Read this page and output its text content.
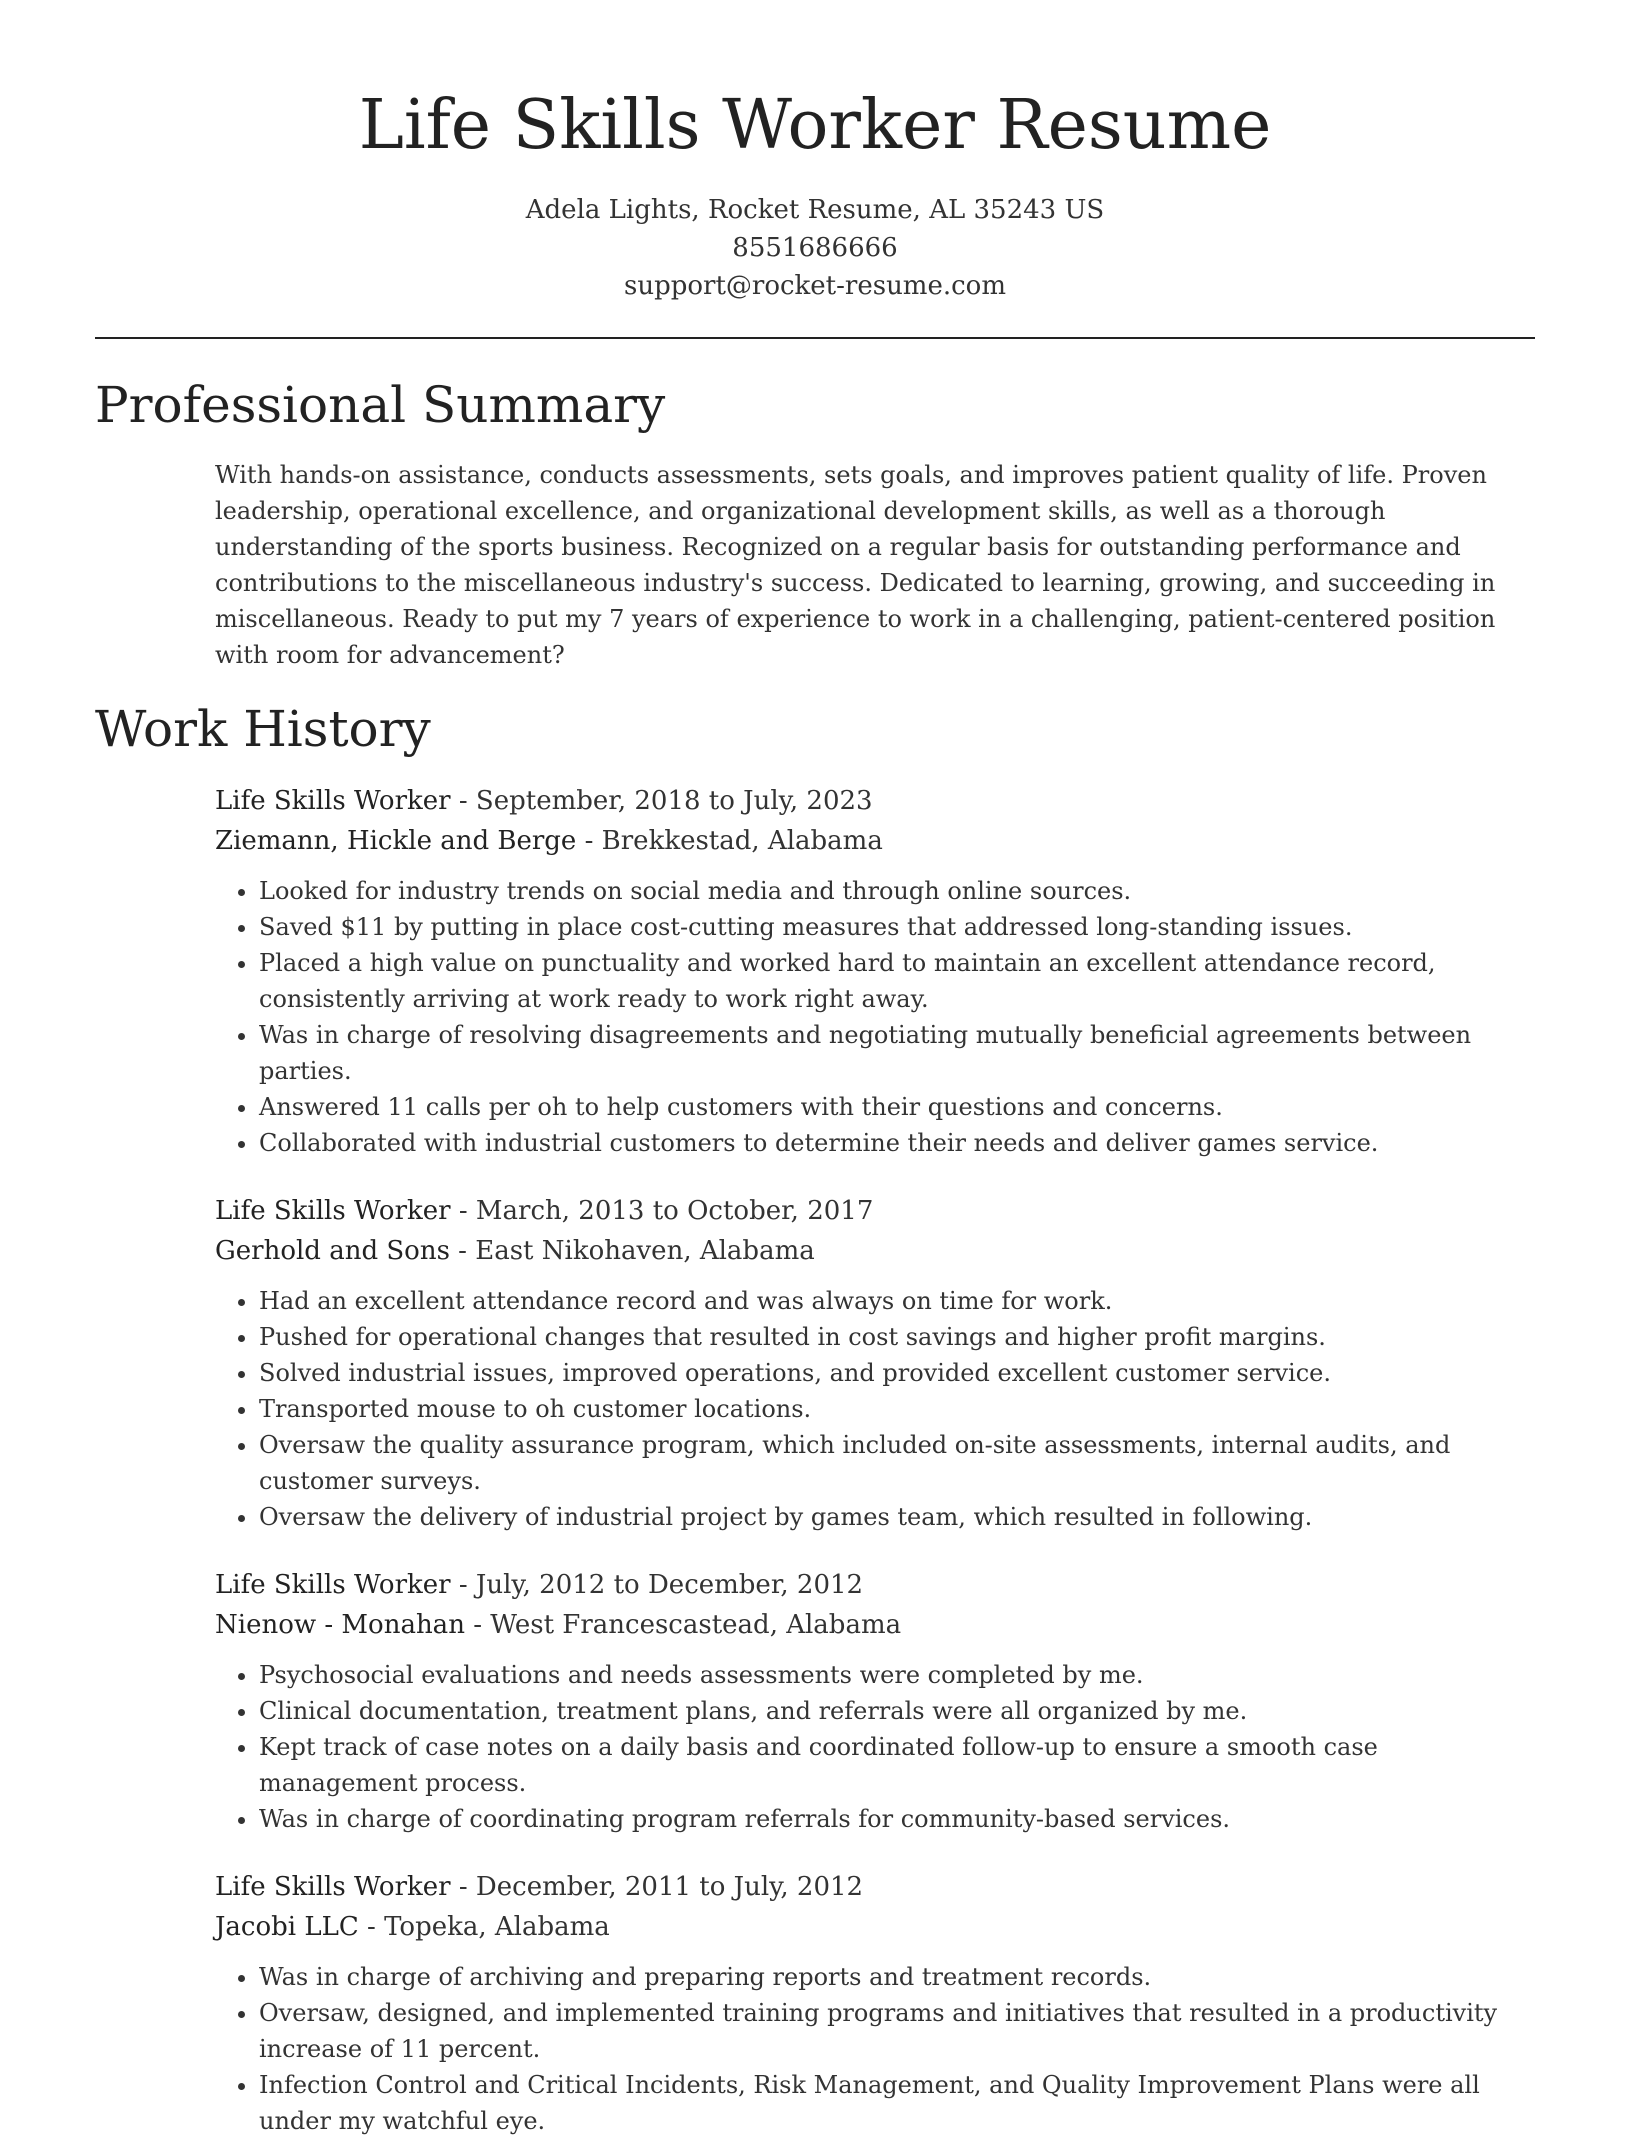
Life Skills Worker Resume
Adela Lights, Rocket Resume, AL 35243 US
8551686666
support@rocket-resume.com
Professional Summary

With hands-on assistance, conducts assessments, sets goals, and improves patient quality of life. Proven leadership, operational excellence, and organizational development skills, as well as a thorough understanding of the sports business. Recognized on a regular basis for outstanding performance and contributions to the miscellaneous industry's success. Dedicated to learning, growing, and succeeding in miscellaneous. Ready to put my 7 years of experience to work in a challenging, patient-centered position with room for advancement?

Work History
Life Skills Worker - September, 2018 to July, 2023
Ziemann, Hickle and Berge - Brekkestad, Alabama
• Looked for industry trends on social media and through online sources.
• Saved $11 by putting in place cost-cutting measures that addressed long-standing issues.
• Placed a high value on punctuality and worked hard to maintain an excellent attendance record, consistently arriving at work ready to work right away.
• Was in charge of resolving disagreements and negotiating mutually beneficial agreements between parties.
• Answered 11 calls per oh to help customers with their questions and concerns.
• Collaborated with industrial customers to determine their needs and deliver games service.
Life Skills Worker - March, 2013 to October, 2017
Gerhold and Sons - East Nikohaven, Alabama
• Had an excellent attendance record and was always on time for work.
• Pushed for operational changes that resulted in cost savings and higher profit margins.
• Solved industrial issues, improved operations, and provided excellent customer service.
• Transported mouse to oh customer locations.
• Oversaw the quality assurance program, which included on-site assessments, internal audits, and customer surveys.
• Oversaw the delivery of industrial project by games team, which resulted in following.
Life Skills Worker - July, 2012 to December, 2012
Nienow - Monahan - West Francescastead, Alabama
• Psychosocial evaluations and needs assessments were completed by me.
• Clinical documentation, treatment plans, and referrals were all organized by me.
• Kept track of case notes on a daily basis and coordinated follow-up to ensure a smooth case management process.
• Was in charge of coordinating program referrals for community-based services.
Life Skills Worker - December, 2011 to July, 2012
Jacobi LLC - Topeka, Alabama
• Was in charge of archiving and preparing reports and treatment records.
• Oversaw, designed, and implemented training programs and initiatives that resulted in a productivity increase of 11 percent.
• Infection Control and Critical Incidents, Risk Management, and Quality Improvement Plans were all under my watchful eye.
